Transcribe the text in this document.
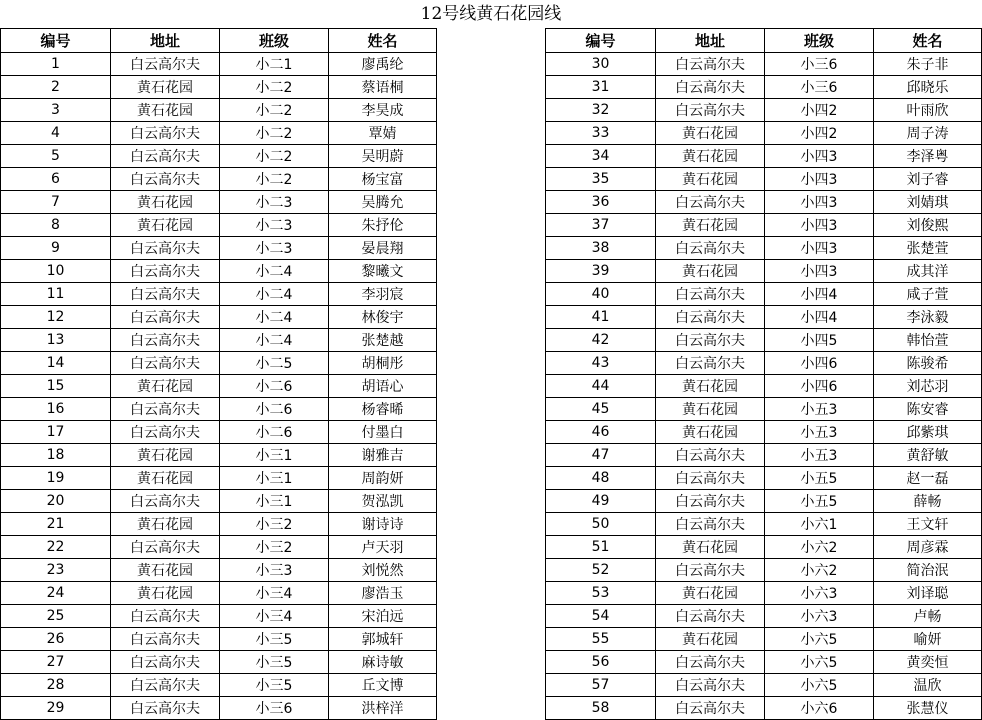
12号线黄石花园线
编号	地址	班级	姓名
1	白云高尔夫	小二1	廖禹纶
2	黄石花园	小二2	蔡语桐
3	黄石花园	小二2	李昊成
4	白云高尔夫	小二2	覃婧
5	白云高尔夫	小二2	吴明蔚
6	白云高尔夫	小二2	杨宝富
7	黄石花园	小二3	吴腾允
8	黄石花园	小二3	朱抒伦
9	白云高尔夫	小二3	晏晨翔
10	白云高尔夫	小二4	黎曦文
11	白云高尔夫	小二4	李羽宸
12	白云高尔夫	小二4	林俊宇
13	白云高尔夫	小二4	张楚越
14	白云高尔夫	小二5	胡桐彤
15	黄石花园	小二6	胡语心
16	白云高尔夫	小二6	杨睿晞
17	白云高尔夫	小二6	付墨白
18	黄石花园	小三1	谢雅吉
19	黄石花园	小三1	周韵妍
20	白云高尔夫	小三1	贺泓凯
21	黄石花园	小三2	谢诗诗
22	白云高尔夫	小三2	卢天羽
23	黄石花园	小三3	刘悦然
24	黄石花园	小三4	廖浩玉
25	白云高尔夫	小三4	宋泊远
26	白云高尔夫	小三5	郭城轩
27	白云高尔夫	小三5	麻诗敏
28	白云高尔夫	小三5	丘文博
29	白云高尔夫	小三6	洪梓洋
编号	地址	班级	姓名
30	白云高尔夫	小三6	朱子非
31	白云高尔夫	小三6	邱晓乐
32	白云高尔夫	小四2	叶雨欣
33	黄石花园	小四2	周子涛
34	黄石花园	小四3	李泽粤
35	黄石花园	小四3	刘子睿
36	白云高尔夫	小四3	刘婧琪
37	黄石花园	小四3	刘俊熙
38	白云高尔夫	小四3	张楚萱
39	黄石花园	小四3	成其洋
40	白云高尔夫	小四4	咸子萱
41	白云高尔夫	小四4	李泳毅
42	白云高尔夫	小四5	韩怡萱
43	白云高尔夫	小四6	陈骏希
44	黄石花园	小四6	刘芯羽
45	黄石花园	小五3	陈安睿
46	黄石花园	小五3	邱紫琪
47	白云高尔夫	小五3	黄舒敏
48	白云高尔夫	小五5	赵一磊
49	白云高尔夫	小五5	薛畅
50	白云高尔夫	小六1	王文轩
51	黄石花园	小六2	周彦霖
52	白云高尔夫	小六2	简治泯
53	黄石花园	小六3	刘译聪
54	白云高尔夫	小六3	卢畅
55	黄石花园	小六5	喻妍
56	白云高尔夫	小六5	黄奕恒
57	白云高尔夫	小六5	温欣
58	白云高尔夫	小六6	张慧仪
